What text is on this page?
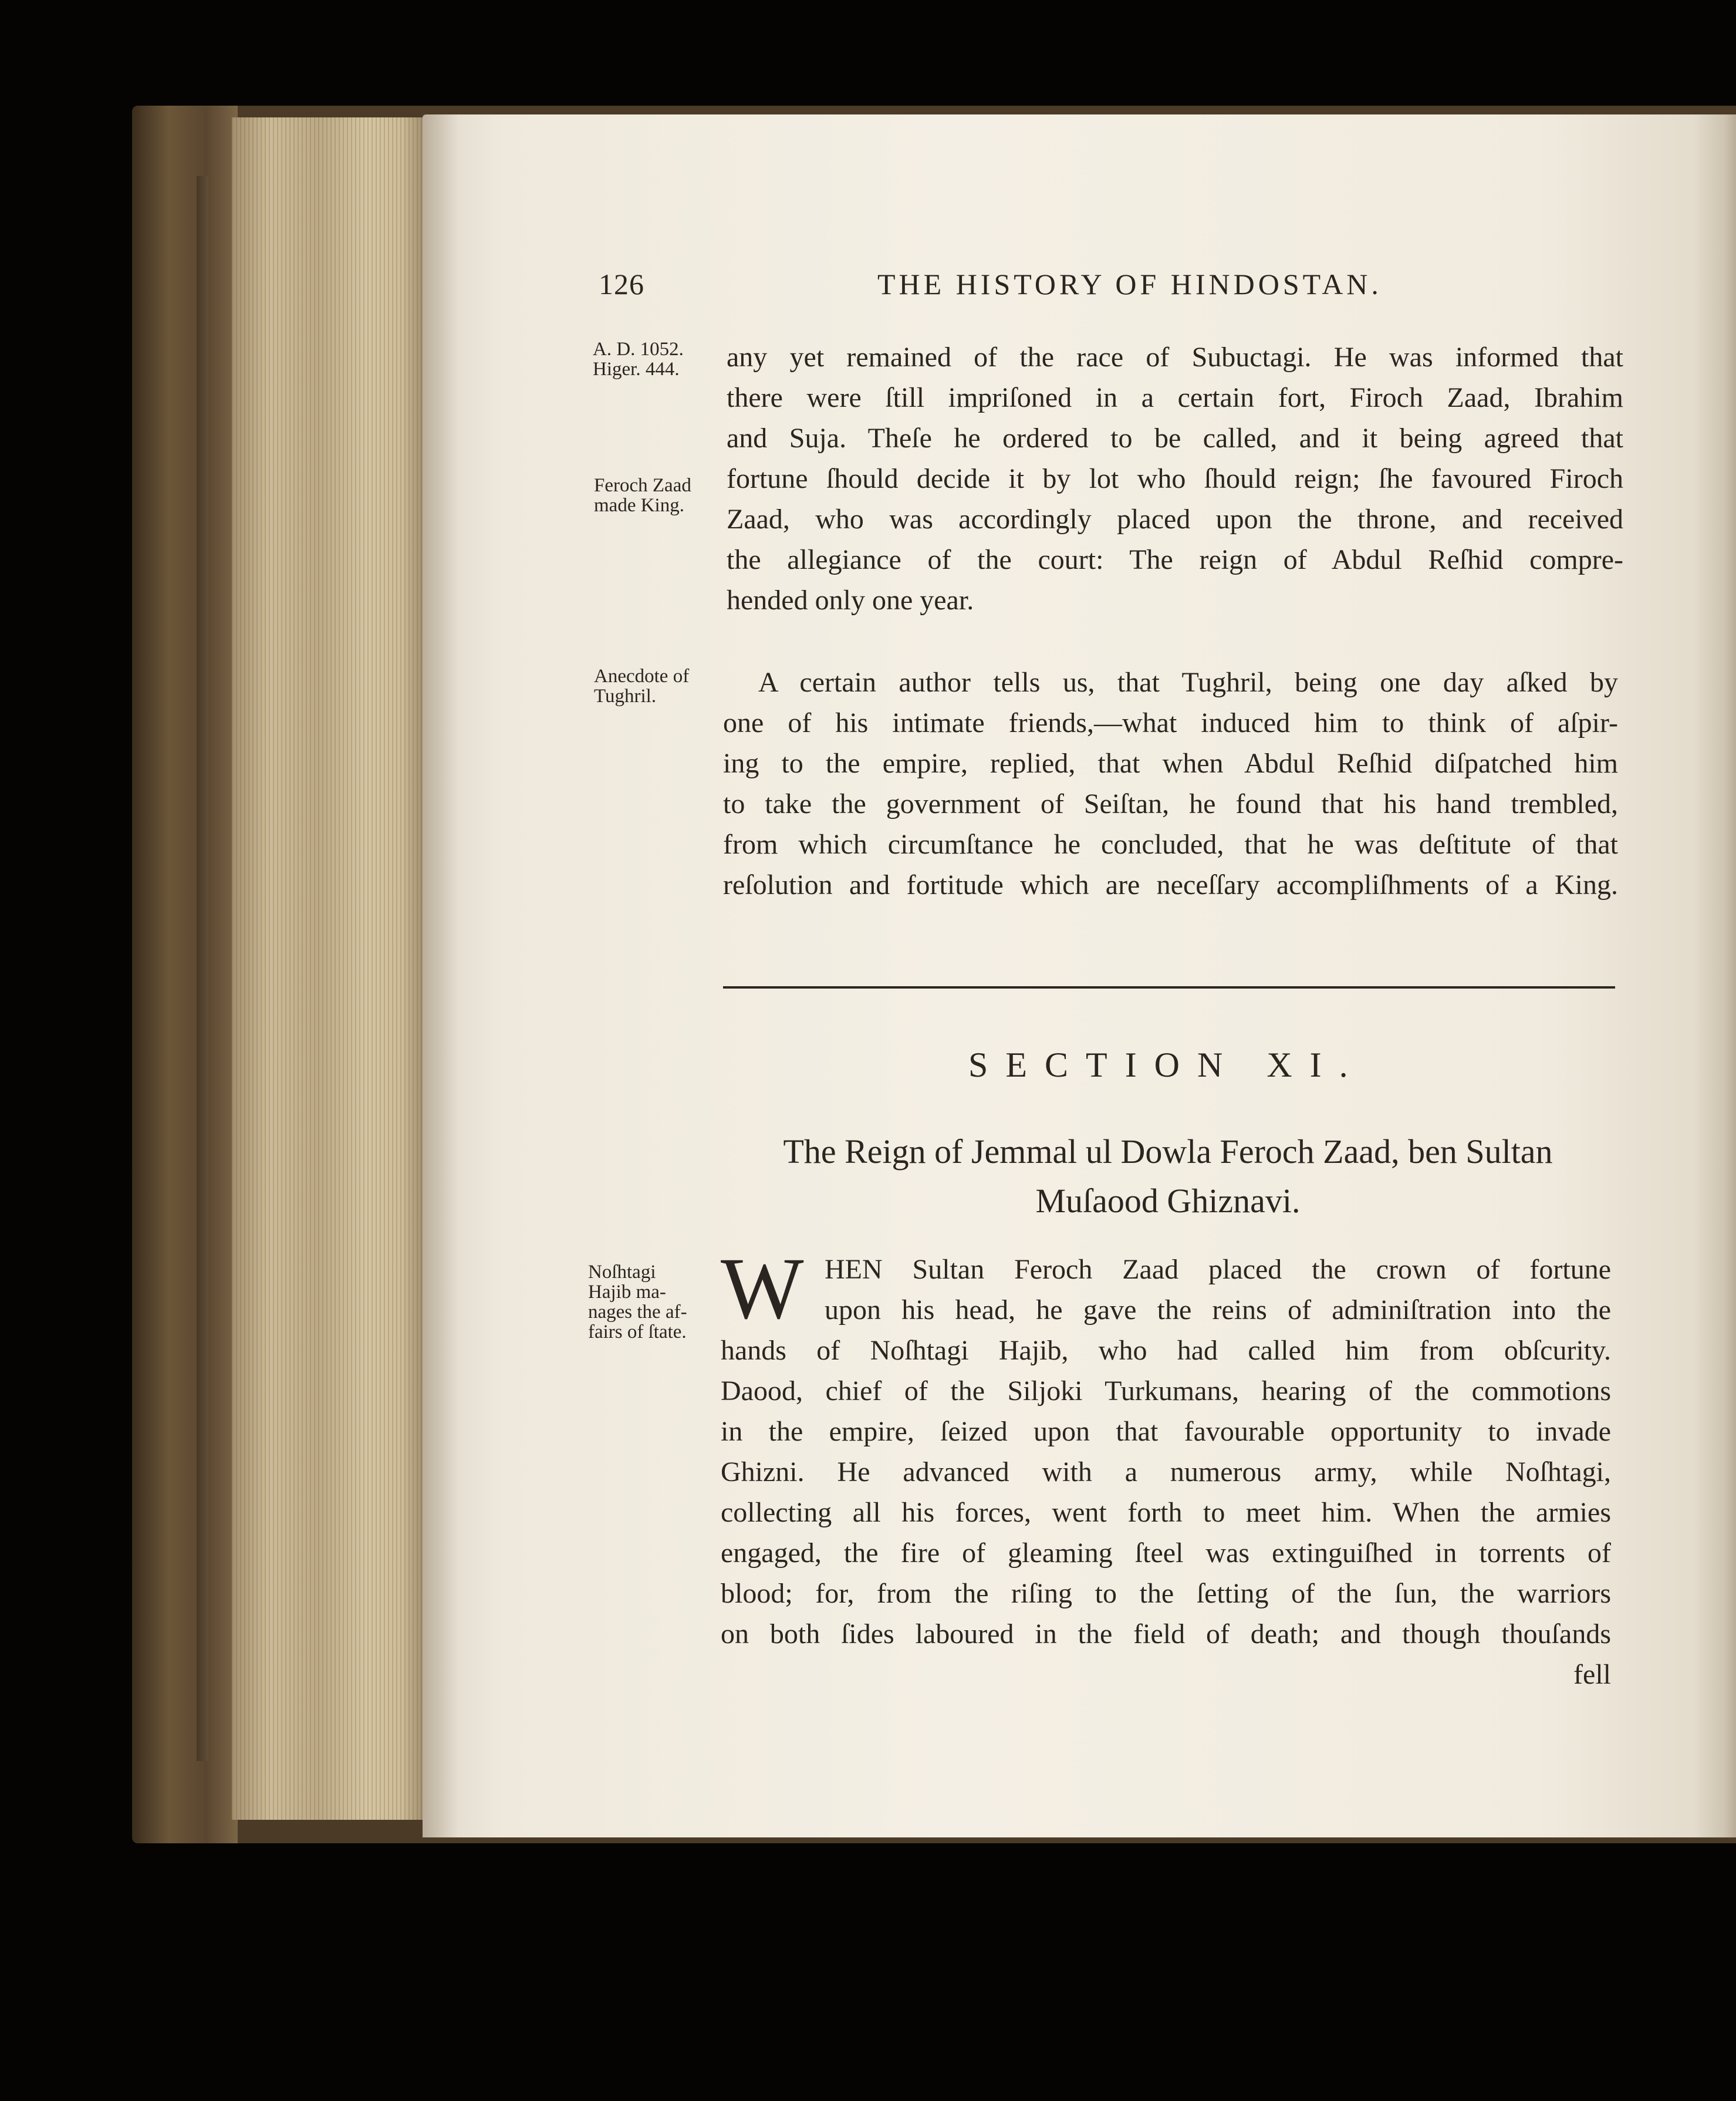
126	THE HISTORY OF HINDOSTAN.
A. D. 1052.
Higer. 444.
Feroch Zaad
made King.
Anecdote of
Tughril.
Noſhtagi
Hajib ma-
nages the af-
fairs of ſtate.
any yet remained of the race of Subuctagi. He was informed that
there were ſtill impriſoned in a certain fort, Firoch Zaad, Ibrahim
and Suja. Theſe he ordered to be called, and it being agreed that
fortune ſhould decide it by lot who ſhould reign; ſhe favoured Firoch
Zaad, who was accordingly placed upon the throne, and received
the allegiance of the court: The reign of Abdul Reſhid compre-
hended only one year.
A certain author tells us, that Tughril, being one day aſked by
one of his intimate friends,—what induced him to think of aſpir-
ing to the empire, replied, that when Abdul Reſhid diſpatched him
to take the government of Seiſtan, he found that his hand trembled,
from which circumſtance he concluded, that he was deſtitute of that
reſolution and fortitude which are neceſſary accompliſhments of a King.
SECTION XI.
The Reign of Jemmal ul Dowla Feroch Zaad, ben Sultan
Muſaood Ghiznavi.
W HEN Sultan Feroch Zaad placed the crown of fortune
upon his head, he gave the reins of adminiſtration into the
hands of Noſhtagi Hajib, who had called him from obſcurity.
Daood, chief of the Siljoki Turkumans, hearing of the commotions
in the empire, ſeized upon that favourable opportunity to invade
Ghizni. He advanced with a numerous army, while Noſhtagi,
collecting all his forces, went forth to meet him. When the armies
engaged, the fire of gleaming ſteel was extinguiſhed in torrents of
blood; for, from the riſing to the ſetting of the ſun, the warriors
on both ſides laboured in the field of death; and though thouſands
fell
